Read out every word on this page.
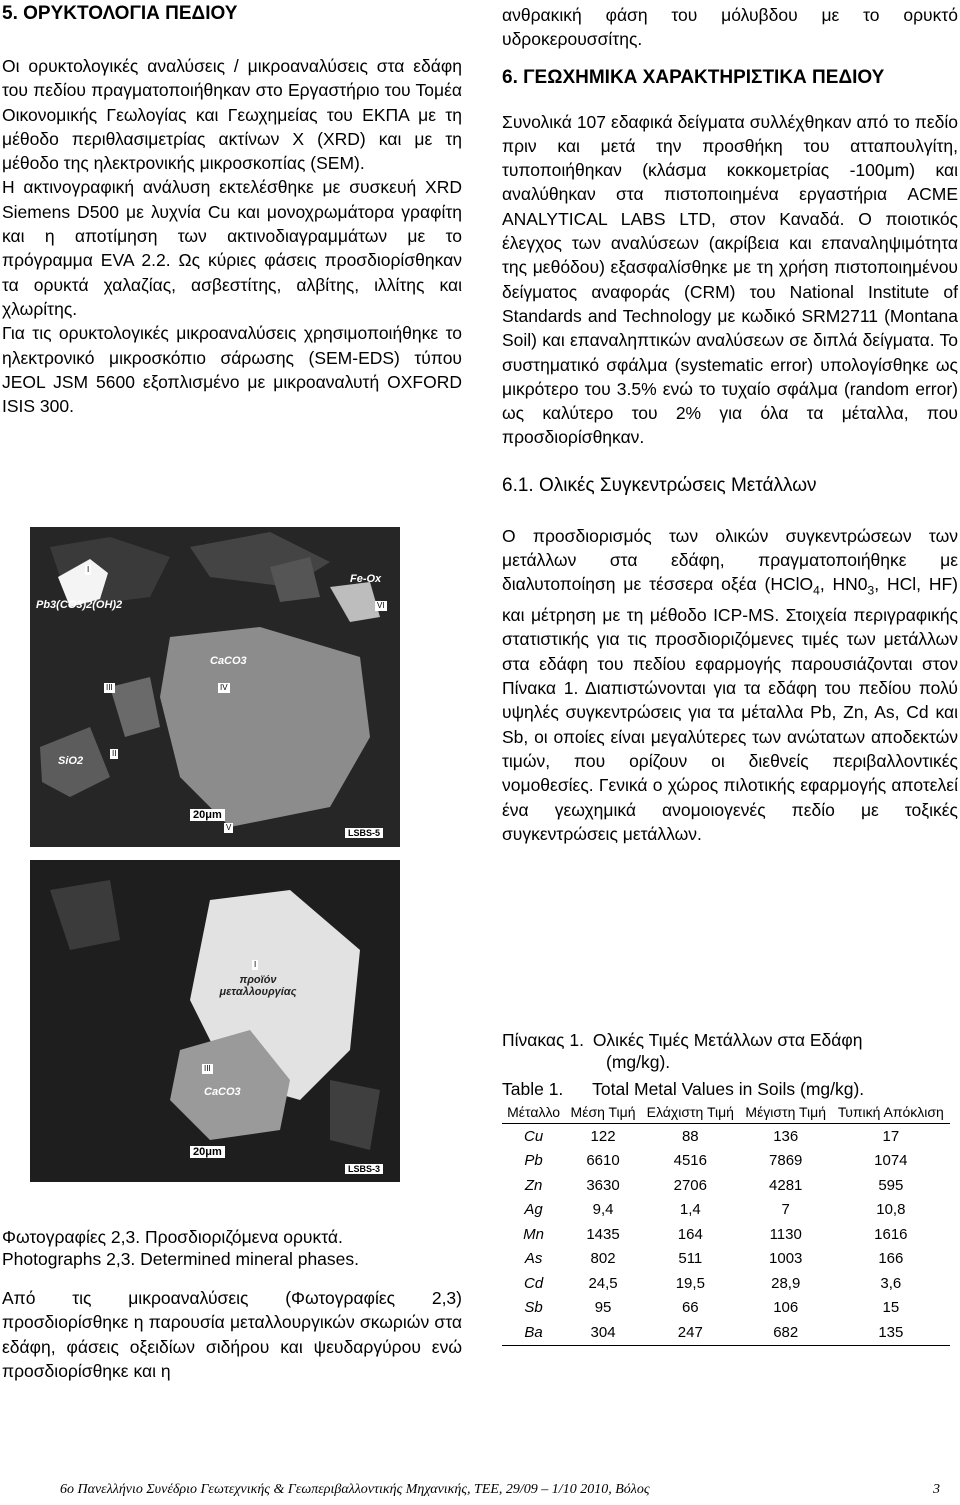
5. ΟΡΥΚΤΟΛΟΓΙΑ ΠΕΔΙΟΥ

Οι ορυκτολογικές αναλύσεις / μικροαναλύσεις στα εδάφη του πεδίου πραγματοποιήθηκαν στο Εργαστήριο του Τομέα Οικονομικής Γεωλογίας και Γεωχημείας του ΕΚΠΑ με τη μέθοδο περιθλασιμετρίας ακτίνων Χ (XRD) και με τη μέθοδο της ηλεκτρονικής μικροσκοπίας (SEM).

Η ακτινογραφική ανάλυση εκτελέσθηκε με συσκευή XRD Siemens D500 με λυχνία Cu και μονοχρωμάτορα γραφίτη και η αποτίμηση των ακτινοδιαγραμμάτων με το πρόγραμμα EVA 2.2. Ως κύριες φάσεις προσδιορίσθηκαν τα ορυκτά χαλαζίας, ασβεστίτης, αλβίτης, ιλλίτης και χλωρίτης.

Για τις ορυκτολογικές μικροαναλύσεις χρησιμοποιήθηκε το ηλεκτρονικό μικροσκόπιο σάρωσης (SEM-EDS) τύπου JEOL JSM 5600 εξοπλισμένο με μικροαναλυτή OXFORD ISIS 300.

Pb3(CO3)2(OH)2
Fe-Ox
CaCO3
SiO2
I
VI
III	IV
II
V
20μm
LSBS-5
προϊόν μεταλλουργίας
CaCO3
I
III
20μm
LSBS-3

Φωτογραφίες 2,3. Προσδιοριζόμενα ορυκτά.

Photographs 2,3. Determined mineral phases.

Από τις μικροαναλύσεις (Φωτογραφίες 2,3) προσδιορίσθηκε η παρουσία μεταλλουργικών σκωριών στα εδάφη, φάσεις οξειδίων σιδήρου και ψευδαργύρου ενώ προσδιορίσθηκε και η

ανθρακική φάση του μόλυβδου με το ορυκτό υδροκερουσσίτης.

6. ΓΕΩΧΗΜΙΚΑ ΧΑΡΑΚΤΗΡΙΣΤΙΚΑ ΠΕΔΙΟΥ

Συνολικά 107 εδαφικά δείγματα συλλέχθηκαν από το πεδίο πριν και μετά την προσθήκη του ατταπουλγίτη, τυποποιήθηκαν (κλάσμα κοκκομετρίας -100μm) και αναλύθηκαν στα πιστοποιημένα εργαστήρια ACME ANALYTICAL LABS LTD, στον Καναδά. Ο ποιοτικός έλεγχος των αναλύσεων (ακρίβεια και επαναληψιμότητα της μεθόδου) εξασφαλίσθηκε με τη χρήση πιστοποιημένου δείγματος αναφοράς (CRM) του National Institute of Standards and Technology με κωδικό SRM2711 (Montana Soil) και επαναληπτικών αναλύσεων σε διπλά δείγματα. Το συστηματικό σφάλμα (systematic error) υπολογίσθηκε ως μικρότερο του 3.5% ενώ το τυχαίο σφάλμα (random error) ως καλύτερο του 2% για όλα τα μέταλλα, που προσδιορίσθηκαν.

6.1. Ολικές Συγκεντρώσεις Μετάλλων

Ο προσδιορισμός των ολικών συγκεντρώσεων των μετάλλων στα εδάφη, πραγματοποιήθηκε με διαλυτοποίηση με τέσσερα οξέα (HClO$_4$, $HN0_3$, HCl, HF) και μέτρηση με τη μέθοδο ICP-MS. Στοιχεία περιγραφικής στατιστικής για τις προσδιοριζόμενες τιμές των μετάλλων στα εδάφη του πεδίου εφαρμογής παρουσιάζονται στον Πίνακα 1. Διαπιστώνονται για τα εδάφη του πεδίου πολύ υψηλές συγκεντρώσεις για τα μέταλλα Pb, Zn, As, Cd και Sb, οι οποίες είναι μεγαλύτερες των ανώτατων αποδεκτών τιμών, που ορίζουν οι διεθνείς περιβαλλοντικές νομοθεσίες. Γενικά ο χώρος πιλοτικής εφαρμογής αποτελεί ένα γεωχημικά ανομοιογενές πεδίο με τοξικές συγκεντρώσεις μετάλλων.

Πίνακας 1. Ολικές Τιμές Μετάλλων στα Εδάφη
(mg/kg).
Table 1. Total Metal Values in Soils (mg/kg).
Μέταλλο	Μέση Τιμή	Ελάχιστη Τιμή	Μέγιστη Τιμή	Τυπική Απόκλιση
Cu	122	88	136	17
Pb	6610	4516	7869	1074
Zn	3630	2706	4281	595
Ag	9,4	1,4	7	10,8
Mn	1435	164	1130	1616
As	802	511	1003	166
Cd	24,5	19,5	28,9	3,6
Sb	95	66	106	15
Ba	304	247	682	135
6o Πανελλήνιο Συνέδριο Γεωτεχνικής & Γεωπεριβαλλοντικής Μηχανικής, ΤΕΕ, 29/09 – 1/10 2010, Βόλος	3
